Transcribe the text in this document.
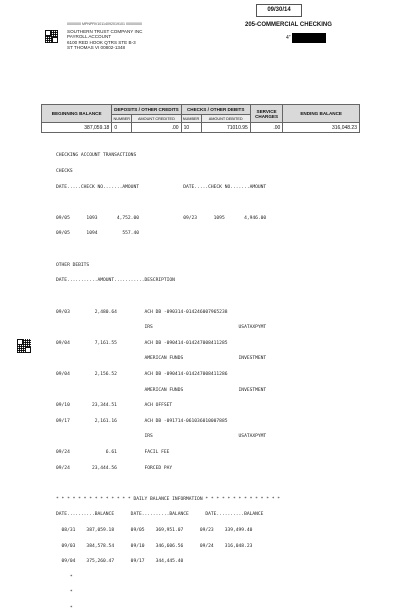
0000000 MPNPRV10114092019101 00000000
SOUTHERN TRUST COMPANY INC
PAYROLL ACCOUNT
6100 RED HOOK QTRS STE B-3
ST THOMAS VI 00802-1348
09/30/14
205-COMMERCIAL CHECKING
4"
BEGINNING BALANCE	DEPOSITS / OTHER CREDITS		CHECKS / OTHER DEBITS		SERVICE CHARGES	ENDING BALANCE
	NUMBER	AMOUNT CREDITED	NUMBER	AMOUNT DEBITED		
387,059.18	0	.00	10	71010.95	.00	316,048.23

CHECKING ACCOUNT TRANSACTIONS

CHECKS

DATE.....CHECK NO.......AMOUNT                DATE.....CHECK NO.......AMOUNT

09/05      1093       4,752.00                09/23      1095       4,946.00

09/05      1094         557.40

OTHER DEBITS

DATE...........AMOUNT...........DESCRIPTION

09/03         2,480.64          ACH DB -090314-014246007965238

IRS                               USATAXPYMT

09/04         7,161.55          ACH DB -090414-014247008411285

AMERICAN FUNDS                    INVESTMENT

09/04         2,156.52          ACH DB -090414-014247008411286

AMERICAN FUNDS                    INVESTMENT

09/10        23,344.51          ACH OFFSET

09/17         2,161.16          ACH DB -091714-061036010007885

IRS                               USATAXPYMT

09/24             6.61          FACIL FEE

09/24        23,444.56          FORCED PAY

* * * * * * * * * * * * * * DAILY BALANCE INFORMATION * * * * * * * * * * * * * *

DATE..........BALANCE      DATE..........BALANCE      DATE..........BALANCE

08/31    387,059.18      09/05    369,951.07      09/23    339,499.40

09/03    384,578.54      09/10    346,606.56      09/24    316,048.23

09/04    375,260.47      09/17    344,445.40

*

*

*
